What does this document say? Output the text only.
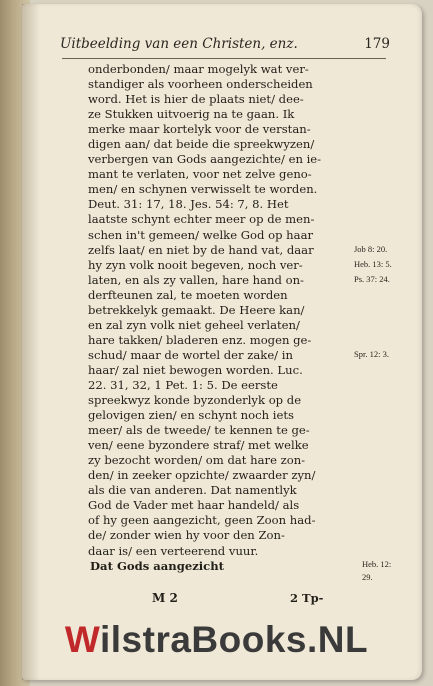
Uitbeelding van een Christen, enz.	179
onderbonden/ maar mogelyk wat ver-
standiger als voorheen onderscheiden
word. Het is hier de plaats niet/ dee-
ze Stukken uitvoerig na te gaan. Ik
merke maar kortelyk voor de verstan-
digen aan/ dat beide die spreekwyzen/
verbergen van Gods aangezichte/ en ie-
mant te verlaten, voor net zelve geno-
men/ en schynen verwisselt te worden.
Deut. 31: 17, 18. Jes. 54: 7, 8. Het
laatste schynt echter meer op de men-
schen in't gemeen/ welke God op haar
zelfs laat/ en niet by de hand vat, daar
hy zyn volk nooit begeven, noch ver-
laten, en als zy vallen, hare hand on-
derfteunen zal, te moeten worden
betrekkelyk gemaakt. De Heere kan/
en zal zyn volk niet geheel verlaten/
hare takken/ bladeren enz. mogen ge-
schud/ maar de wortel der zake/ in
haar/ zal niet bewogen worden. Luc.
22. 31, 32, 1 Pet. 1: 5. De eerste
spreekwyz konde byzonderlyk op de
gelovigen zien/ en schynt noch iets
meer/ als de tweede/ te kennen te ge-
ven/ eene byzondere straf/ met welke
zy bezocht worden/ om dat hare zon-
den/ in zeeker opzichte/ zwaarder zyn/
als die van anderen. Dat namentlyk
God de Vader met haar handeld/ als
of hy geen aangezicht, geen Zoon had-
de/ zonder wien hy voor den Zon-
daar is/ een verteerend vuur.
Dat Gods aangezicht
Job 8: 20.
Heb. 13: 5.
Ps. 37: 24.
Spr. 12: 3.
Heb. 12:
29.
M 2	2 Tp-
WilstraBooks.NL
